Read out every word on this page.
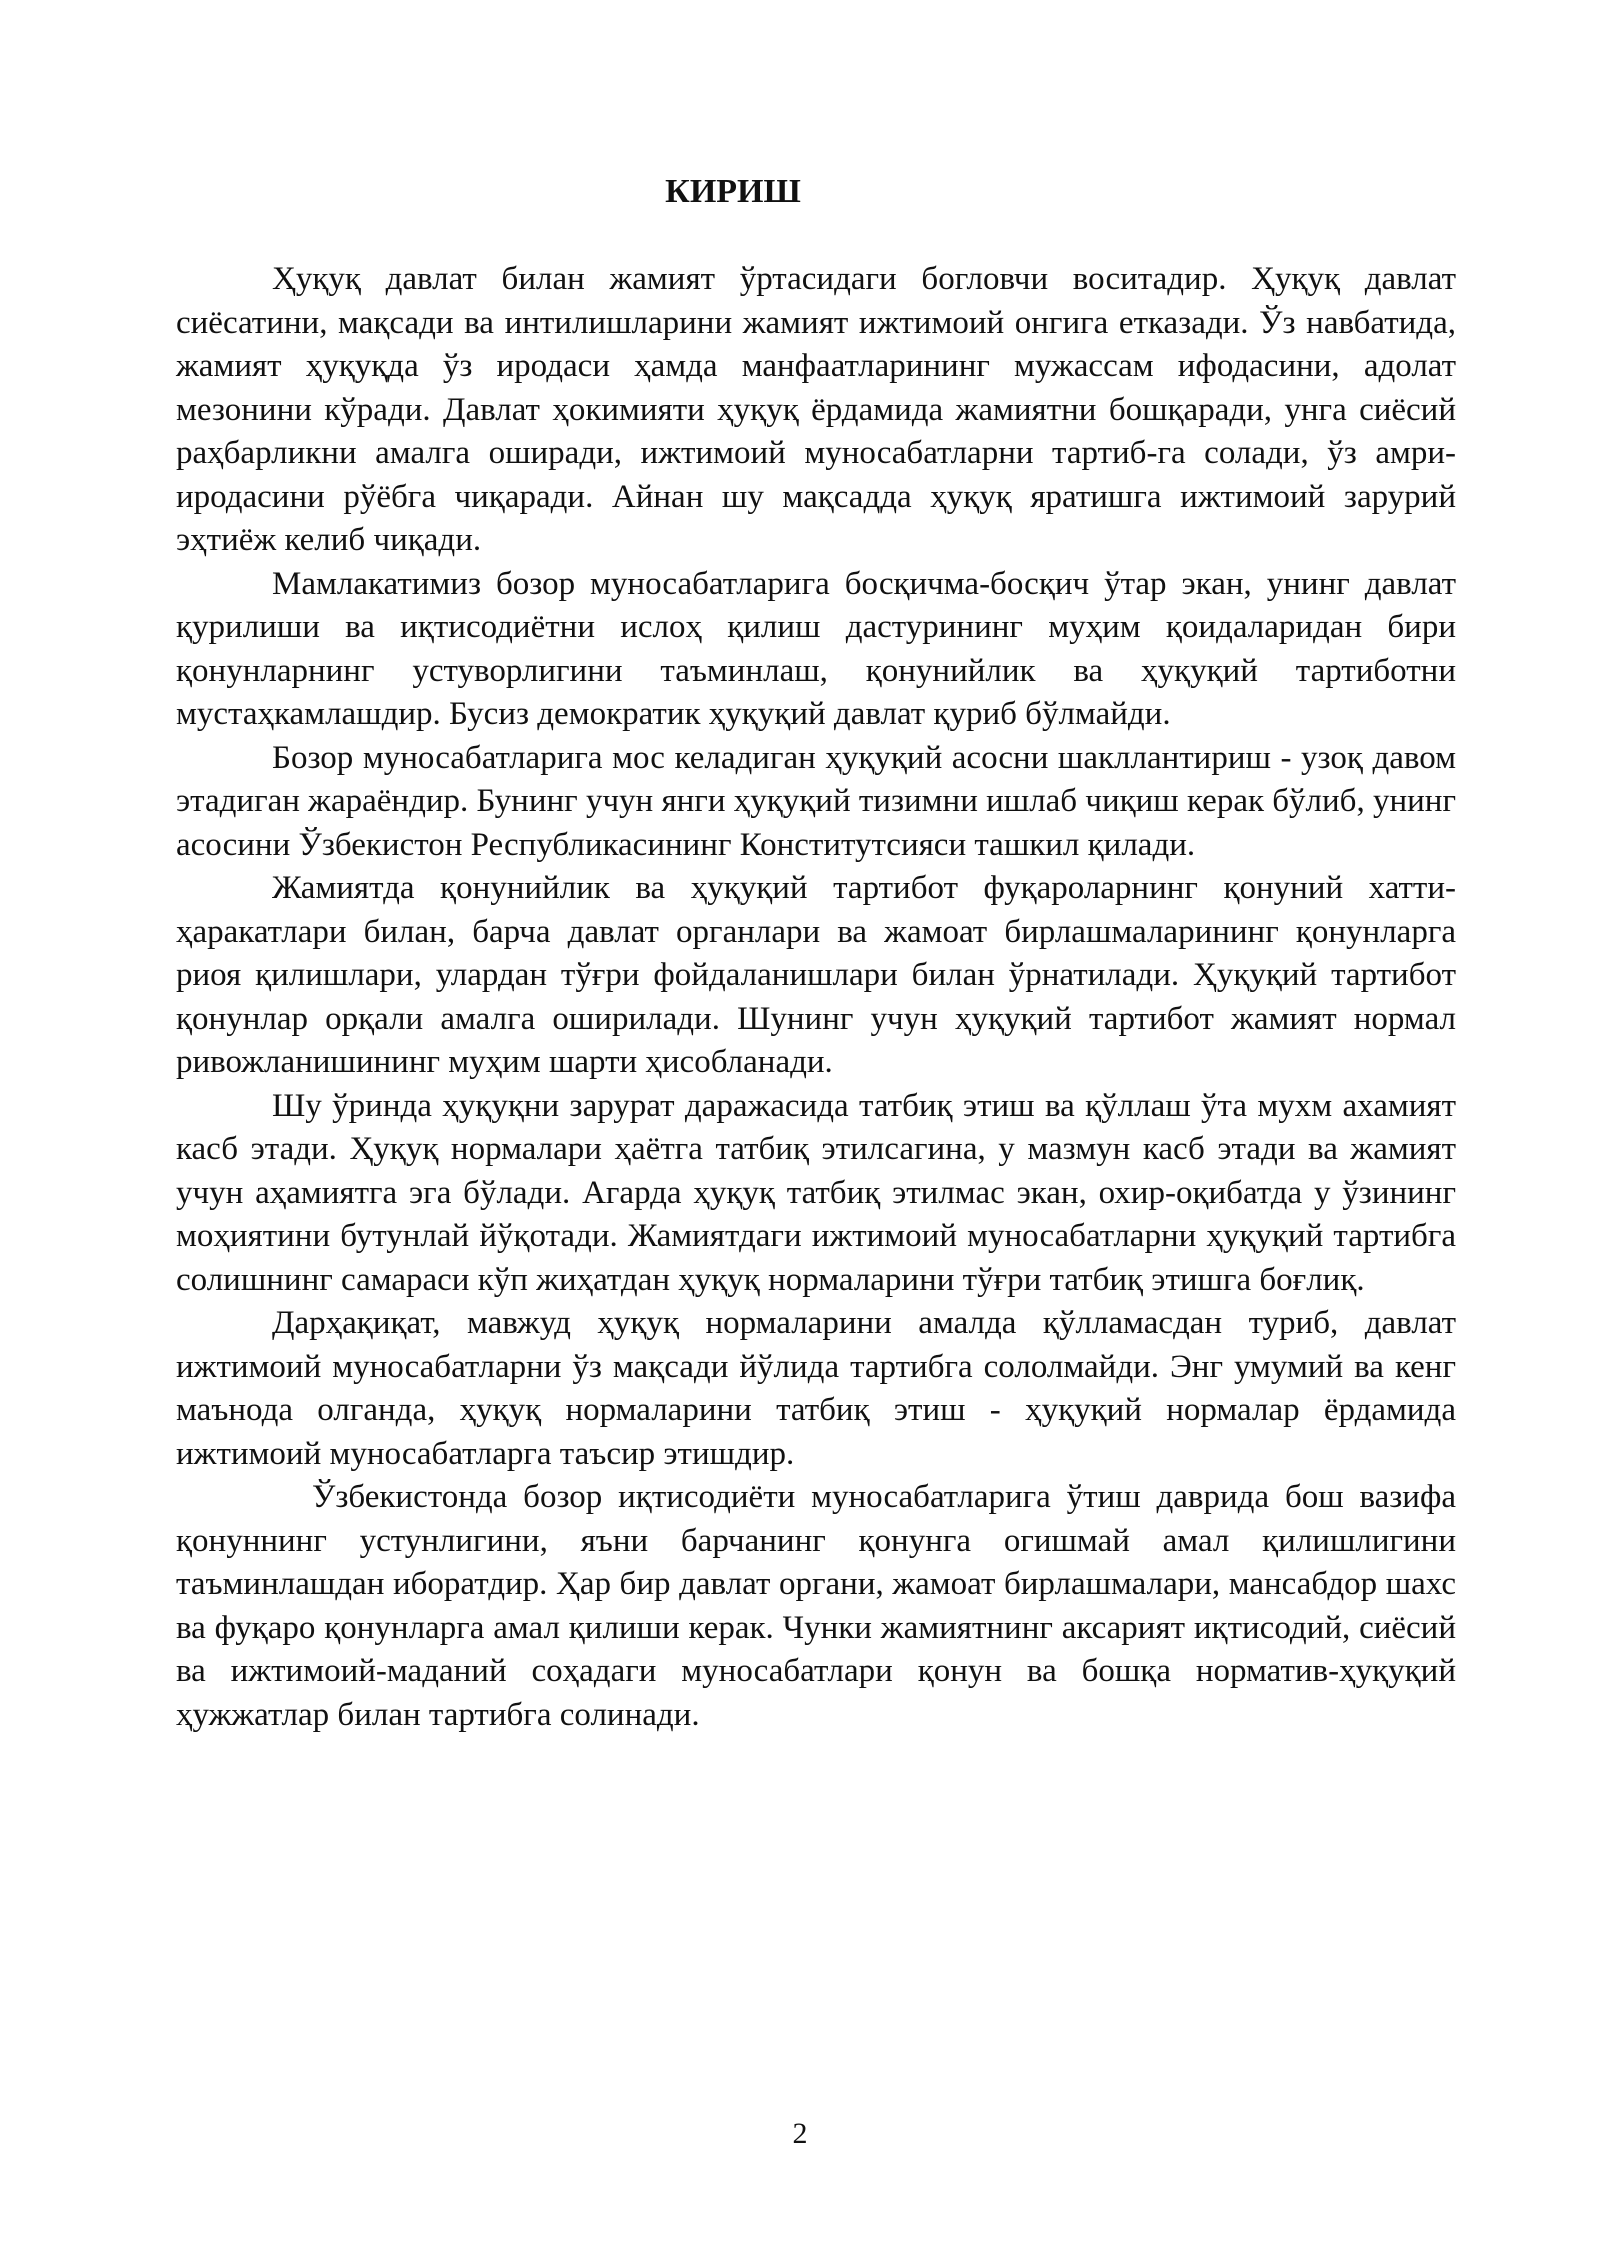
КИРИШ

Ҳуқуқ давлат билан жамият ўртасидаги богловчи воситадир. Ҳуқуқ давлат сиёсатини, мақсади ва интилишларини жамият ижтимоий онгига етказади. Ўз навбатида, жамият ҳуқуқда ўз иродаси ҳамда манфаатларининг мужассам ифодасини, адолат мезонини кўради. Давлат ҳокимияти ҳуқуқ ёрдамида жамиятни бошқаради, унга сиёсий раҳбарликни амалга оширади, ижтимоий муносабатларни тартиб-га солади, ўз амри-иродасини рўёбга чиқаради. Айнан шу мақсадда ҳуқуқ яратишга ижтимоий зарурий эҳтиёж келиб чиқади.

Мамлакатимиз бозор муносабатларига босқичма-босқич ўтар экан, унинг давлат қурилиши ва иқтисодиётни ислоҳ қилиш дастурининг муҳим қоидаларидан бири қонунларнинг устуворлигини таъминлаш, қонунийлик ва ҳуқуқий тартиботни мустаҳкамлашдир. Бусиз демократик ҳуқуқий давлат қуриб бўлмайди.

Бозор муносабатларига мос келадиган ҳуқуқий асосни шакллантириш - узоқ давом этадиган жараёндир. Бунинг учун янги ҳуқуқий тизимни ишлаб чиқиш керак бўлиб, унинг асосини Ўзбекистон Республикасининг Конститутсияси ташкил қилади.

Жамиятда қонунийлик ва ҳуқуқий тартибот фуқароларнинг қонуний хатти-ҳаракатлари билан, барча давлат органлари ва жамоат бирлашмаларининг қонунларга риоя қилишлари, улардан тўғри фойдаланишлари билан ўрнатилади. Ҳуқуқий тартибот қонунлар орқали амалга оширилади. Шунинг учун ҳуқуқий тартибот жамият нормал ривожланишининг муҳим шарти ҳисобланади.

Шу ўринда ҳуқуқни зарурат даражасида татбиқ этиш ва қўллаш ўта мухм ахамият касб этади. Ҳуқуқ нормалари ҳаётга татбиқ этилсагина, у мазмун касб этади ва жамият учун аҳамиятга эга бўлади. Агарда ҳуқуқ татбиқ этилмас экан, охир-оқибатда у ўзининг моҳиятини бутунлай йўқотади. Жамиятдаги ижтимоий муносабатларни ҳуқуқий тартибга солишнинг самараси кўп жиҳатдан ҳуқуқ нормаларини тўғри татбиқ этишга боғлиқ.

Дарҳақиқат, мавжуд ҳуқуқ нормаларини амалда қўлламасдан туриб, давлат ижтимоий муносабатларни ўз мақсади йўлида тартибга сололмайди. Энг умумий ва кенг маънода олганда, ҳуқуқ нормаларини татбиқ этиш - ҳуқуқий нормалар ёрдамида ижтимоий муносабатларга таъсир этишдир.

Ўзбекистонда бозор иқтисодиёти муносабатларига ўтиш даврида бош вазифа қонуннинг устунлигини, яъни барчанинг қонунга огишмай амал қилишлигини таъминлашдан иборатдир. Ҳар бир давлат органи, жамоат бирлашмалари, мансабдор шахс ва фуқаро қонунларга амал қилиши керак. Чунки жамиятнинг аксарият иқтисодий, сиёсий ва ижтимоий-маданий соҳадаги муносабатлари қонун ва бошқа норматив-ҳуқуқий ҳужжатлар билан тартибга солинади.

2
